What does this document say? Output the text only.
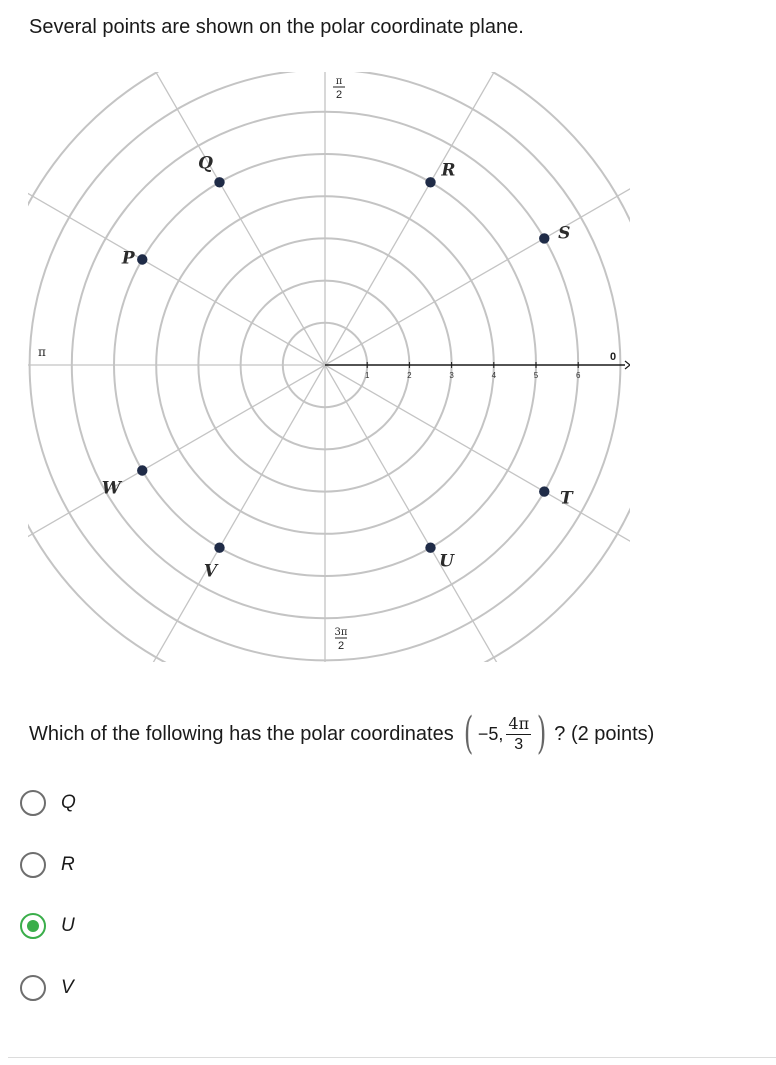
Several points are shown on the polar coordinate plane.
1	2	3	4	5	6
0
π
π
2
3π
2
P
Q	R
S
T
U
V
W
Which of the following has the polar coordinates ( −5, $\frac{4\pi}{3}$ ) ? (2 points)
Q
R
U
V
